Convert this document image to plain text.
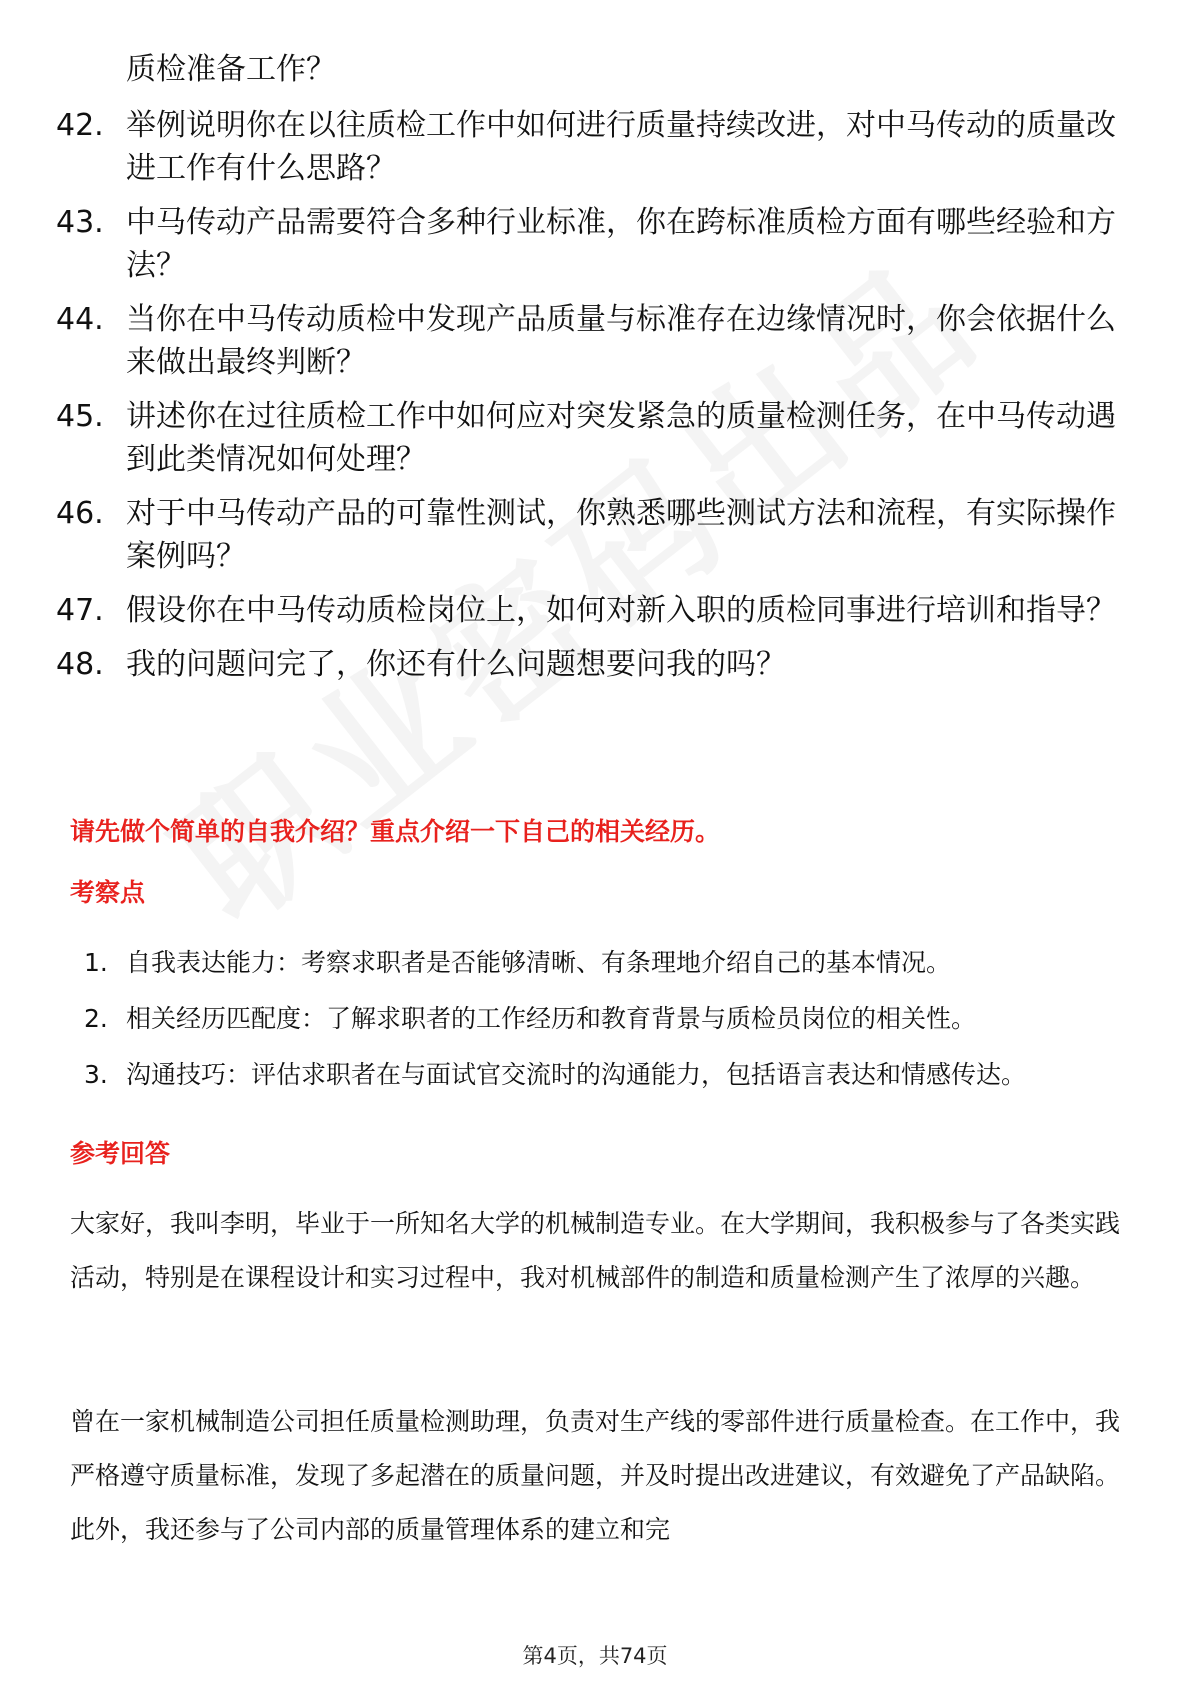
质检准备工作？
42. 举例说明你在以往质检工作中如何进行质量持续改进，对中马传动的质量改进工作有什么思路？
43. 中马传动产品需要符合多种行业标准，你在跨标准质检方面有哪些经验和方法？
44. 当你在中马传动质检中发现产品质量与标准存在边缘情况时，你会依据什么来做出最终判断？
45. 讲述你在过往质检工作中如何应对突发紧急的质量检测任务，在中马传动遇到此类情况如何处理？
46. 对于中马传动产品的可靠性测试，你熟悉哪些测试方法和流程，有实际操作案例吗？
47. 假设你在中马传动质检岗位上，如何对新入职的质检同事进行培训和指导？
48. 我的问题问完了，你还有什么问题想要问我的吗？
请先做个简单的自我介绍？重点介绍一下自己的相关经历。
考察点
1. 自我表达能力：考察求职者是否能够清晰、有条理地介绍自己的基本情况。
2. 相关经历匹配度：了解求职者的工作经历和教育背景与质检员岗位的相关性。
3. 沟通技巧：评估求职者在与面试官交流时的沟通能力，包括语言表达和情感传达。
参考回答

大家好，我叫李明，毕业于一所知名大学的机械制造专业。在大学期间，我积极参与了各类实践活动，特别是在课程设计和实习过程中，我对机械部件的制造和质量检测产生了浓厚的兴趣。

曾在一家机械制造公司担任质量检测助理，负责对生产线的零部件进行质量检查。在工作中，我严格遵守质量标准，发现了多起潜在的质量问题，并及时提出改进建议，有效避免了产品缺陷。此外，我还参与了公司内部的质量管理体系的建立和完

第4页，共74页
